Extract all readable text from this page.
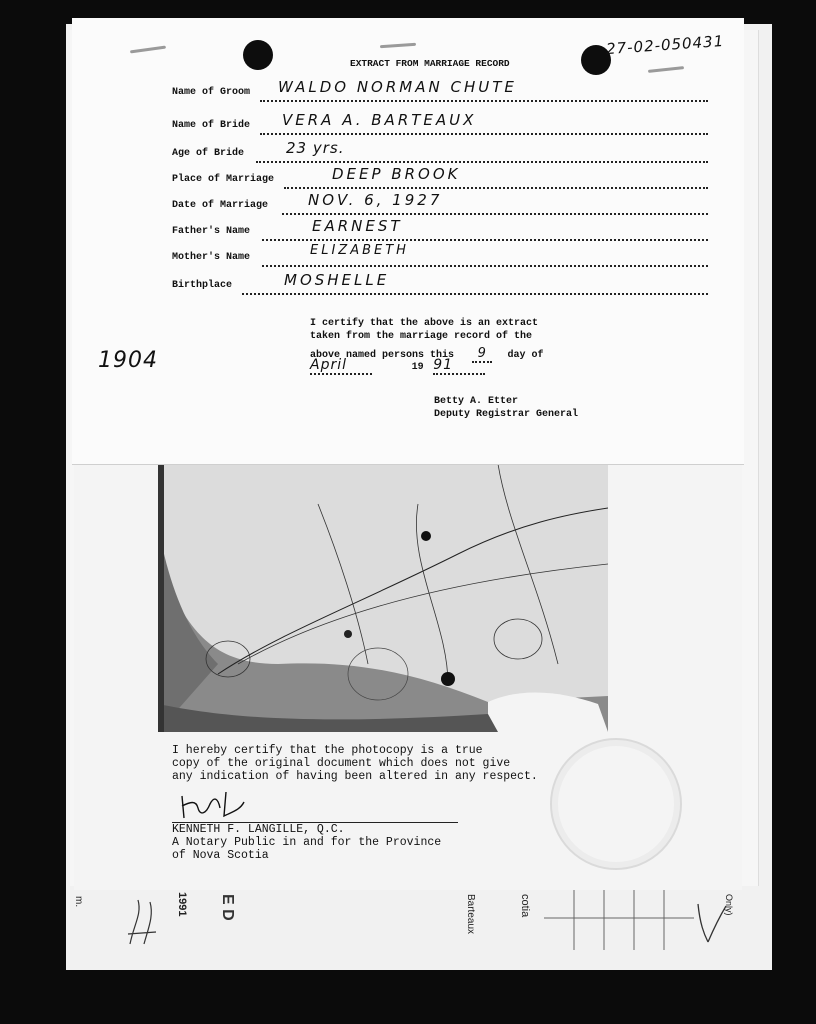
m.	1991 E D	Barteaux	cotia	Only)
I hereby certify that the photocopy is a true
copy of the original document which does not give
any indication of having been altered in any respect.
KENNETH F. LANGILLE, Q.C.
A Notary Public in and for the Province
of Nova Scotia
27-02-050431
EXTRACT FROM MARRIAGE RECORD
Name of Groom WALDO NORMAN CHUTE
Name of Bride VERA A. BARTEAUX
Age of Bride	23 yrs.
Place of Marriage	DEEP BROOK
Date of Marriage	NOV. 6, 1927
Father's Name	EARNEST
Mother's Name	ELIZABETH
Birthplace	MOSHELLE
1904
I certify that the above is an extract
taken from the marriage record of the
above named persons this 9 day of
April	19 91
Betty A. Etter
Deputy Registrar General
